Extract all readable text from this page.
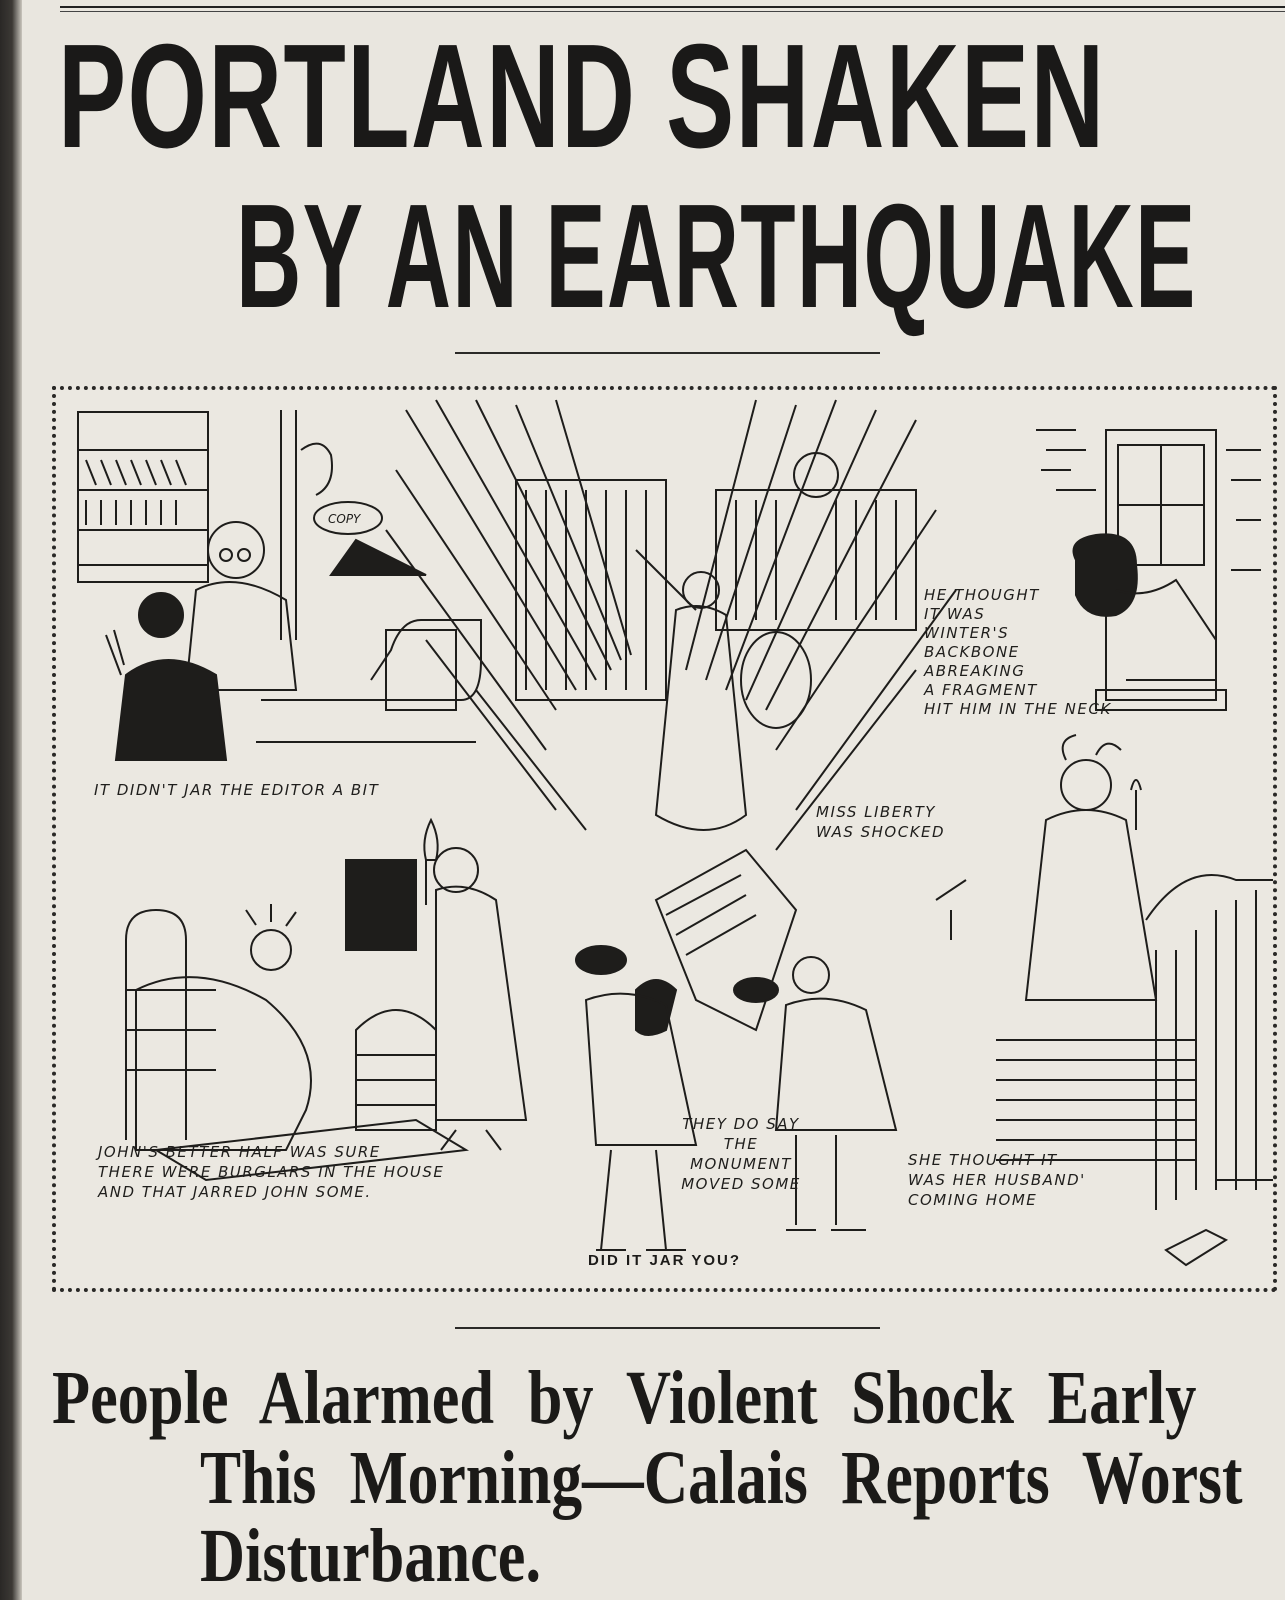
PORTLAND SHAKEN
BY AN EARTHQUAKE
COPY
IT DIDN'T JAR THE EDITOR A BIT
MISS LIBERTY
WAS SHOCKED
HE THOUGHT
IT WAS
WINTER'S
BACKBONE
ABREAKING
A FRAGMENT
HIT HIM IN THE NECK
JOHN'S BETTER HALF WAS SURE
THERE WERE BURGLARS IN THE HOUSE
AND THAT JARRED JOHN SOME.
THEY DO SAY
THE
MONUMENT
MOVED SOME
SHE THOUGHT IT
WAS HER HUSBAND'
COMING HOME
DID IT JAR YOU?
People Alarmed by Violent Shock Early
This Morning—Calais Reports Worst
Disturbance.
